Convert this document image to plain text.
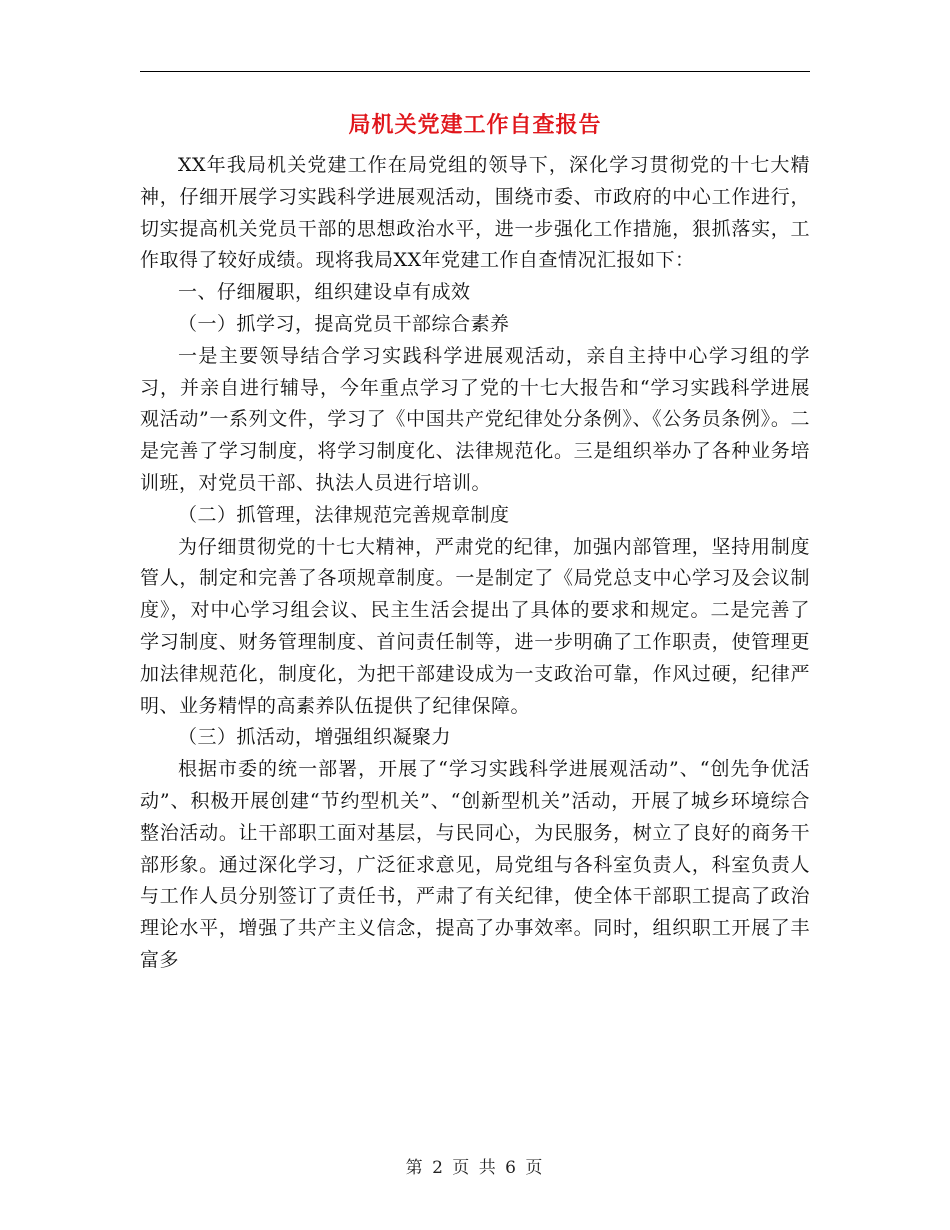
局机关党建工作自查报告

XX年我局机关党建工作在局党组的领导下，深化学习贯彻党的十七大精神，仔细开展学习实践科学进展观活动，围绕市委、市政府的中心工作进行，切实提高机关党员干部的思想政治水平，进一步强化工作措施，狠抓落实，工作取得了较好成绩。现将我局XX年党建工作自查情况汇报如下：

一、仔细履职，组织建设卓有成效

（一）抓学习，提高党员干部综合素养

一是主要领导结合学习实践科学进展观活动，亲自主持中心学习组的学习，并亲自进行辅导，今年重点学习了党的十七大报告和“学习实践科学进展观活动”一系列文件，学习了《中国共产党纪律处分条例》、《公务员条例》。二是完善了学习制度，将学习制度化、法律规范化。三是组织举办了各种业务培训班，对党员干部、执法人员进行培训。

（二）抓管理，法律规范完善规章制度

为仔细贯彻党的十七大精神，严肃党的纪律，加强内部管理，坚持用制度管人，制定和完善了各项规章制度。一是制定了《局党总支中心学习及会议制度》，对中心学习组会议、民主生活会提出了具体的要求和规定。二是完善了学习制度、财务管理制度、首问责任制等，进一步明确了工作职责，使管理更加法律规范化，制度化，为把干部建设成为一支政治可靠，作风过硬，纪律严明、业务精悍的高素养队伍提供了纪律保障。

（三）抓活动，增强组织凝聚力

根据市委的统一部署，开展了“学习实践科学进展观活动”、“创先争优活动”、积极开展创建“节约型机关”、“创新型机关”活动，开展了城乡环境综合整治活动。让干部职工面对基层，与民同心，为民服务，树立了良好的商务干部形象。通过深化学习，广泛征求意见，局党组与各科室负责人，科室负责人与工作人员分别签订了责任书，严肃了有关纪律，使全体干部职工提高了政治理论水平，增强了共产主义信念，提高了办事效率。同时，组织职工开展了丰富多

第 2 页 共 6 页
